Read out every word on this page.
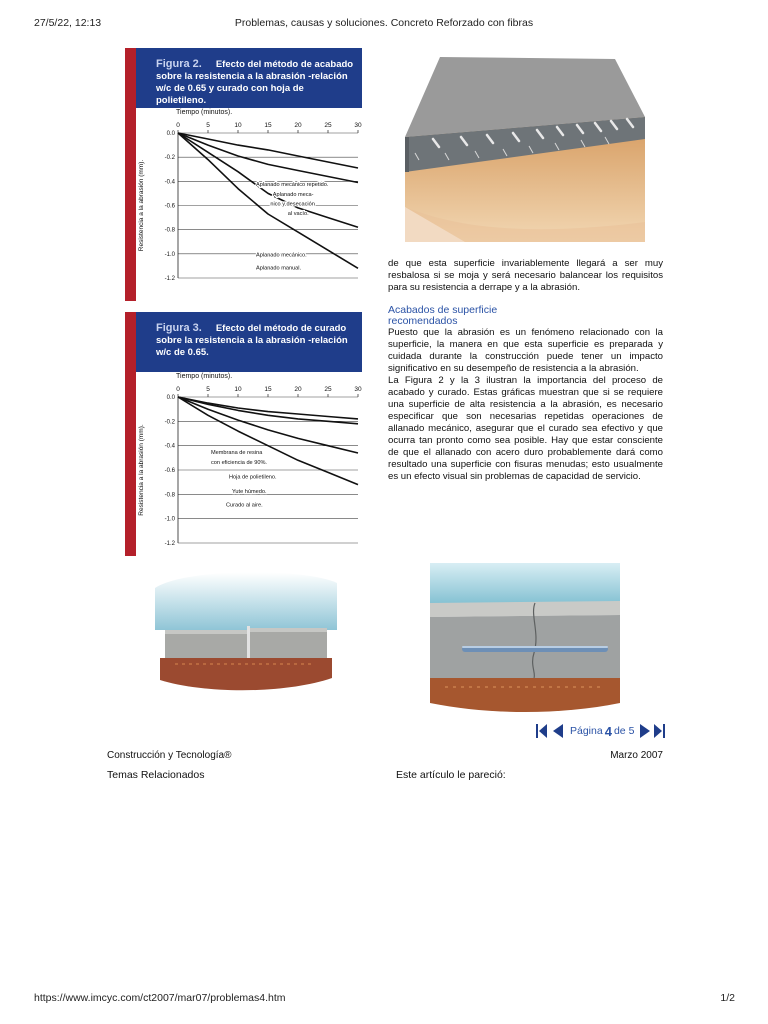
27/5/22, 12:13	Problemas, causas y soluciones. Concreto Reforzado con fibras
Figura 2. Efecto del método de acabado sobre la resistencia a la abrasión -relación w/c de 0.65 y curado con hoja de polietileno.
Tiempo (minutos).
Resistencia a la abrasión (mm).
0.0
-0.2
-0.4
-0.6
-0.8
-1.0
-1.2
0	5	10	15	20	25	30
Aplanado mecánico repetido.
Aplanado meca-
nico y desecación
al vacío.
Aplanado mecánico.
Aplanado manual.
Figura 3. Efecto del método de curado sobre la resistencia a la abrasión -relación w/c de 0.65.
Tiempo (minutos).
Resistencia a la abrasión (mm).
0.0
-0.2
-0.4
-0.6
-0.8
-1.0
-1.2
0	5	10	15	20	25	30
Membrana de resina
con eficiencia de 90%.
Hoja de polietileno.
Yute húmedo.
Curado al aire.
de que esta superficie invariablemente llegará a ser muy resbalosa si se moja y será necesario balancear los requisitos para su resistencia a derrape y a la abrasión.
Acabados de superficie
recomendados
Puesto que la abrasión es un fenómeno relacionado con la superficie, la manera en que esta superficie es preparada y cuidada durante la construcción puede tener un impacto significativo en su desempeño de resistencia a la abrasión.
La Figura 2 y la 3 ilustran la importancia del proceso de acabado y curado. Estas gráficas muestran que si se requiere una superficie de alta resistencia a la abrasión, es necesario especificar que son necesarias repetidas operaciones de allanado mecánico, asegurar que el curado sea efectivo y que ocurra tan pronto como sea posible. Hay que estar consciente de que el allanado con acero duro probablemente dará como resultado una superficie con fisuras menudas; esto usualmente es un efecto visual sin problemas de capacidad de servicio.
Página 4 de 5
Construcción y Tecnología®	Marzo 2007
Temas Relacionados	Este artículo le pareció:
https://www.imcyc.com/ct2007/mar07/problemas4.htm	1/2
